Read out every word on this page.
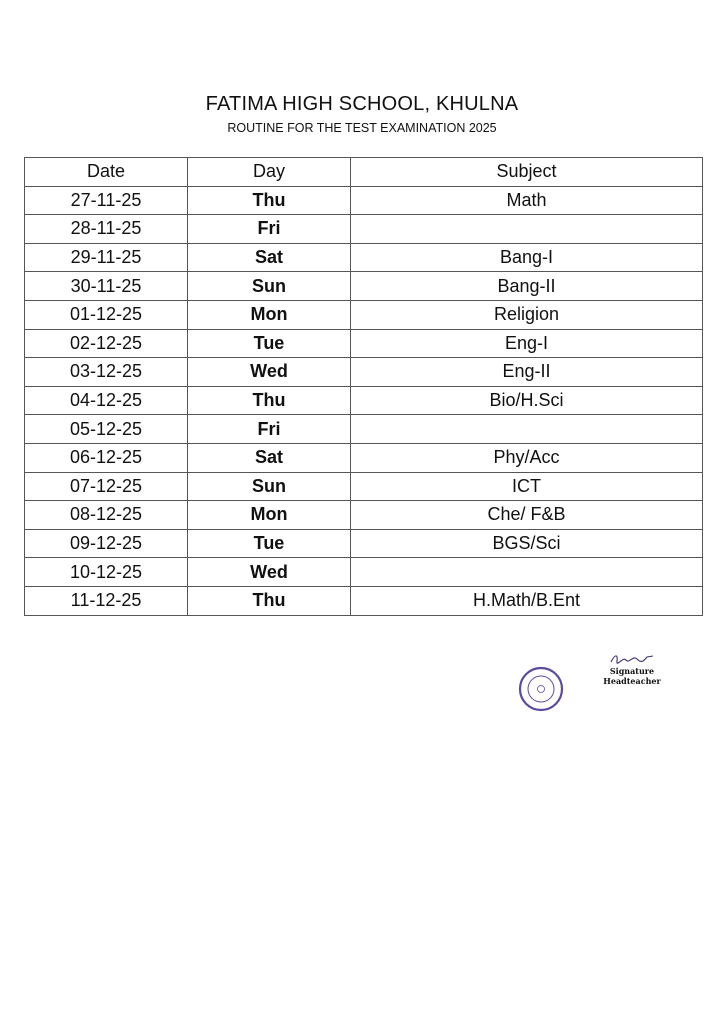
FATIMA HIGH SCHOOL, KHULNA
ROUTINE FOR THE TEST EXAMINATION 2025
Date	Day	Subject
27-11-25	Thu	Math
28-11-25	Fri	
29-11-25	Sat	Bang-I
30-11-25	Sun	Bang-II
01-12-25	Mon	Religion
02-12-25	Tue	Eng-I
03-12-25	Wed	Eng-II
04-12-25	Thu	Bio/H.Sci
05-12-25	Fri	
06-12-25	Sat	Phy/Acc
07-12-25	Sun	ICT
08-12-25	Mon	Che/ F&B
09-12-25	Tue	BGS/Sci
10-12-25	Wed	
11-12-25	Thu	H.Math/B.Ent
Signature
Headteacher
